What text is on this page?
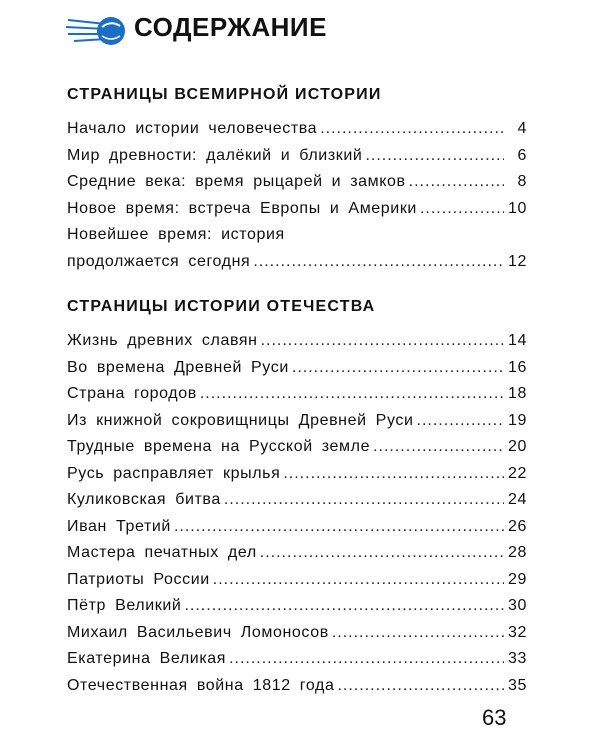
СОДЕРЖАНИЕ
СТРАНИЦЫ ВСЕМИРНОЙ ИСТОРИИ
Начало истории человечества .....	4
Мир древности: далёкий и близкий .....	6
Средние века: время рыцарей и замков .....	8
Новое время: встреча Европы и Америки .....	10
Новейшее время: история
продолжается сегодня .....	12
СТРАНИЦЫ ИСТОРИИ ОТЕЧЕСТВА
Жизнь древних славян .....	14
Во времена Древней Руси .....	16
Страна городов .....	18
Из книжной сокровищницы Древней Руси .....	19
Трудные времена на Русской земле .....	20
Русь расправляет крылья .....	22
Куликовская битва .....	24
Иван Третий .....	26
Мастера печатных дел .....	28
Патриоты России .....	29
Пётр Великий .....	30
Михаил Васильевич Ломоносов .....	32
Екатерина Великая .....	33
Отечественная война 1812 года .....	35
63
